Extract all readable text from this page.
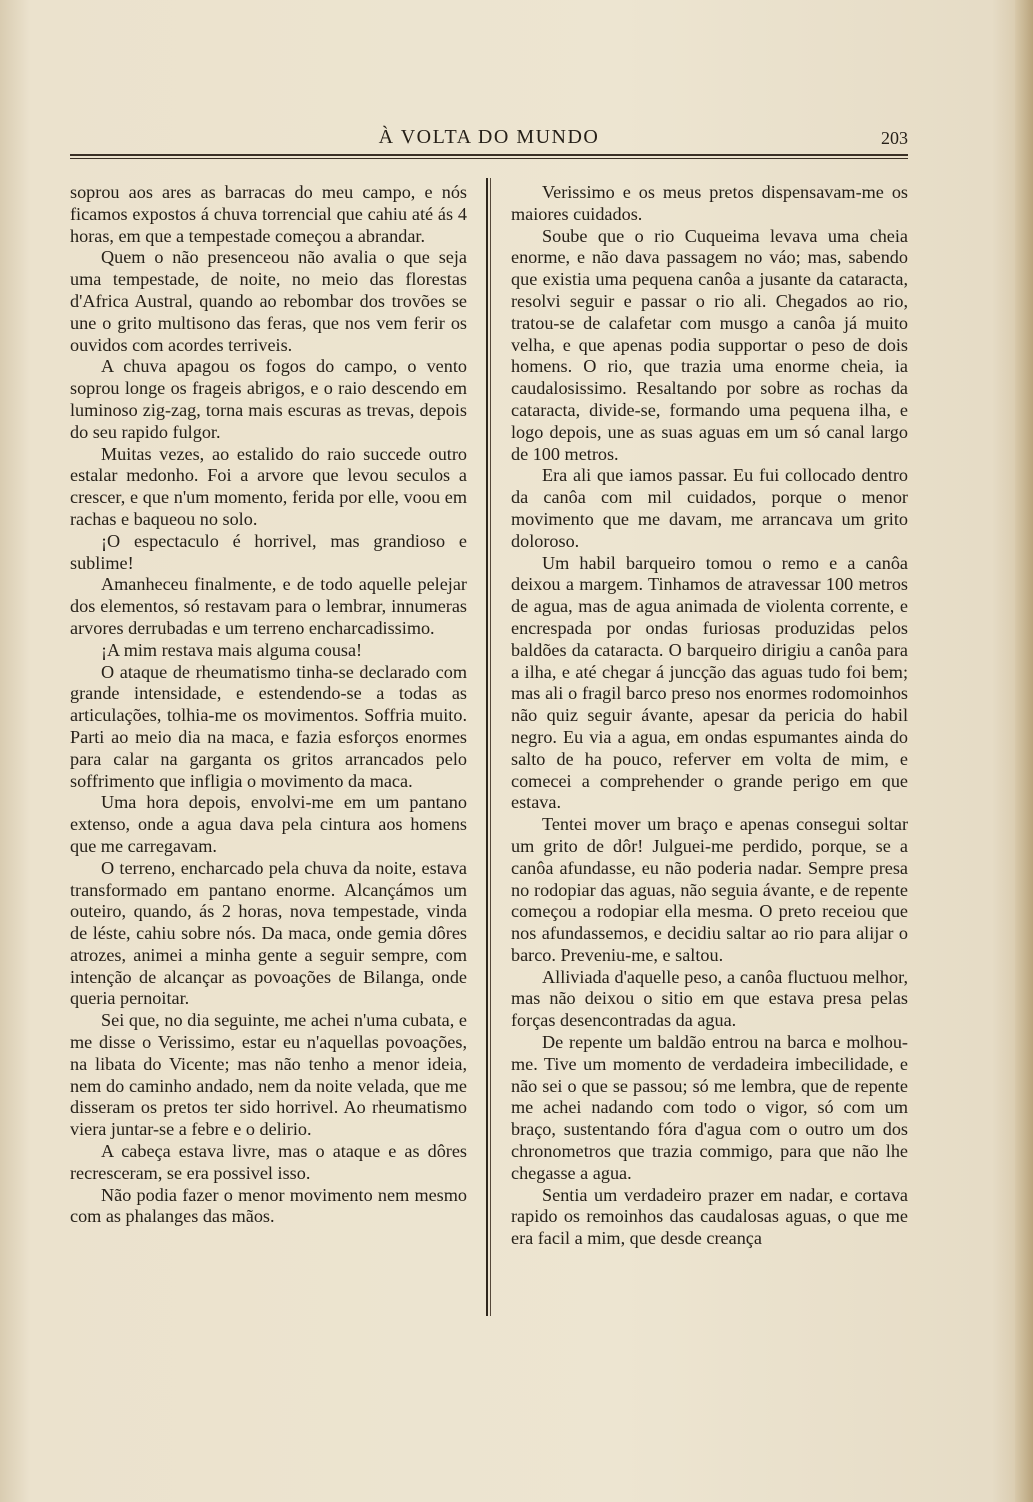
À VOLTA DO MUNDO	203

soprou aos ares as barracas do meu campo, e nós ficamos expostos á chuva torrencial que cahiu até ás 4 horas, em que a tempestade começou a abrandar.

Quem o não presenceou não avalia o que seja uma tempestade, de noite, no meio das florestas d'Africa Austral, quando ao rebombar dos trovões se une o grito multisono das feras, que nos vem ferir os ouvidos com acordes terriveis.

A chuva apagou os fogos do campo, o vento soprou longe os frageis abrigos, e o raio descendo em luminoso zig-zag, torna mais escuras as trevas, depois do seu rapido fulgor.

Muitas vezes, ao estalido do raio succede outro estalar medonho. Foi a arvore que levou seculos a crescer, e que n'um momento, ferida por elle, voou em rachas e baqueou no solo.

¡O espectaculo é horrivel, mas grandioso e sublime!

Amanheceu finalmente, e de todo aquelle pelejar dos elementos, só restavam para o lembrar, innumeras arvores derrubadas e um terreno encharcadissimo.

¡A mim restava mais alguma cousa!

O ataque de rheumatismo tinha-se declarado com grande intensidade, e estendendo-se a todas as articulações, tolhia-me os movimentos. Soffria muito. Parti ao meio dia na maca, e fazia esforços enormes para calar na garganta os gritos arrancados pelo soffrimento que infligia o movimento da maca.

Uma hora depois, envolvi-me em um pantano extenso, onde a agua dava pela cintura aos homens que me carregavam.

O terreno, encharcado pela chuva da noite, estava transformado em pantano enorme. Alcançámos um outeiro, quando, ás 2 horas, nova tempestade, vinda de léste, cahiu sobre nós. Da maca, onde gemia dôres atrozes, animei a minha gente a seguir sempre, com intenção de alcançar as povoações de Bilanga, onde queria pernoitar.

Sei que, no dia seguinte, me achei n'uma cubata, e me disse o Verissimo, estar eu n'aquellas povoações, na libata do Vicente; mas não tenho a menor ideia, nem do caminho andado, nem da noite velada, que me disseram os pretos ter sido horrivel. Ao rheumatismo viera juntar-se a febre e o delirio.

A cabeça estava livre, mas o ataque e as dôres recresceram, se era possivel isso.

Não podia fazer o menor movimento nem mesmo com as phalanges das mãos.

Verissimo e os meus pretos dispensavam-me os maiores cuidados.

Soube que o rio Cuqueima levava uma cheia enorme, e não dava passagem no váo; mas, sabendo que existia uma pequena canôa a jusante da cataracta, resolvi seguir e passar o rio ali. Chegados ao rio, tratou-se de calafetar com musgo a canôa já muito velha, e que apenas podia supportar o peso de dois homens. O rio, que trazia uma enorme cheia, ia caudalosissimo. Resaltando por sobre as rochas da cataracta, divide-se, formando uma pequena ilha, e logo depois, une as suas aguas em um só canal largo de 100 metros.

Era ali que iamos passar. Eu fui collocado dentro da canôa com mil cuidados, porque o menor movimento que me davam, me arrancava um grito doloroso.

Um habil barqueiro tomou o remo e a canôa deixou a margem. Tinhamos de atravessar 100 metros de agua, mas de agua animada de violenta corrente, e encrespada por ondas furiosas produzidas pelos baldões da cataracta. O barqueiro dirigiu a canôa para a ilha, e até chegar á juncção das aguas tudo foi bem; mas ali o fragil barco preso nos enormes rodomoinhos não quiz seguir ávante, apesar da pericia do habil negro. Eu via a agua, em ondas espumantes ainda do salto de ha pouco, referver em volta de mim, e comecei a comprehender o grande perigo em que estava.

Tentei mover um braço e apenas consegui soltar um grito de dôr! Julguei-me perdido, porque, se a canôa afundasse, eu não poderia nadar. Sempre presa no rodopiar das aguas, não seguia ávante, e de repente começou a rodopiar ella mesma. O preto receiou que nos afundassemos, e decidiu saltar ao rio para alijar o barco. Preveniu-me, e saltou.

Alliviada d'aquelle peso, a canôa fluctuou melhor, mas não deixou o sitio em que estava presa pelas forças desencontradas da agua.

De repente um baldão entrou na barca e molhou-me. Tive um momento de verdadeira imbecilidade, e não sei o que se passou; só me lembra, que de repente me achei nadando com todo o vigor, só com um braço, sustentando fóra d'agua com o outro um dos chronometros que trazia commigo, para que não lhe chegasse a agua.

Sentia um verdadeiro prazer em nadar, e cortava rapido os remoinhos das caudalosas aguas, o que me era facil a mim, que desde creança
